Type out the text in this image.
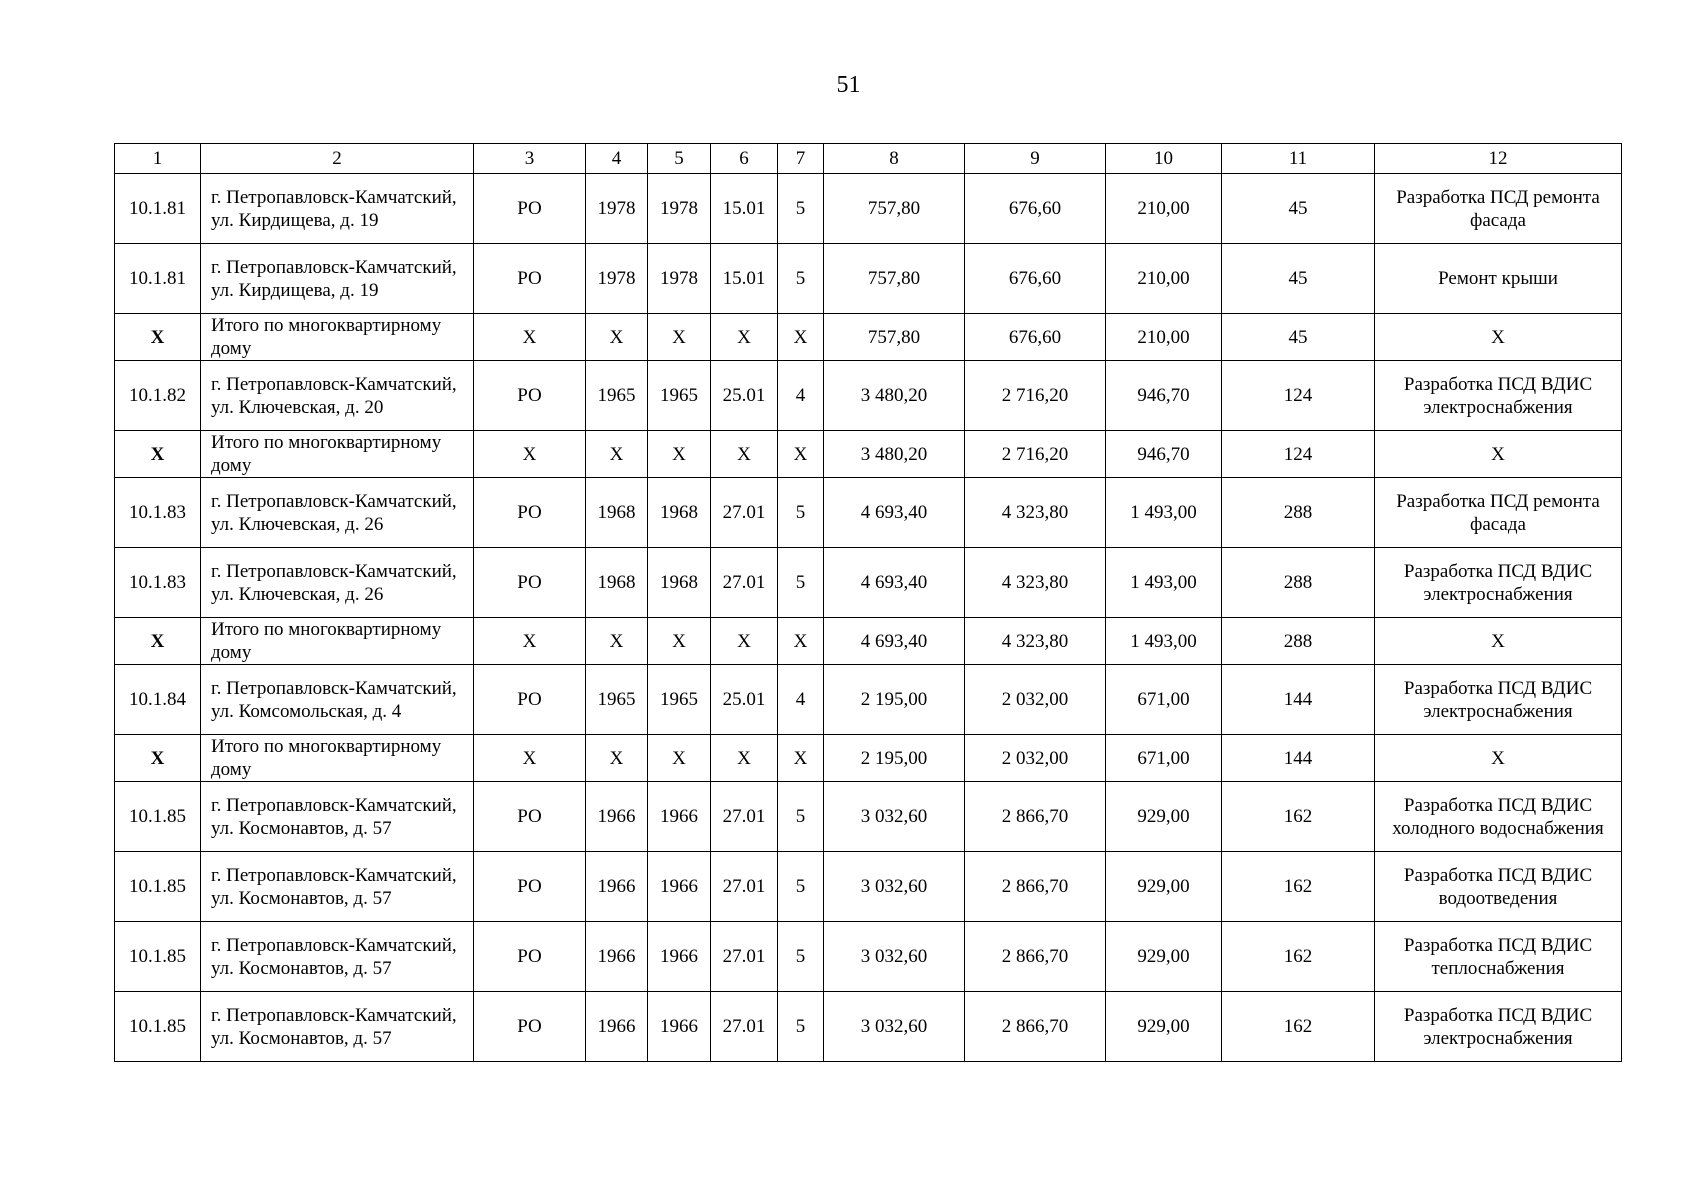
51
1	2	3	4	5	6	7	8	9	10	11	12
10.1.81	г. Петропавловск-Камчатский, ул. Кирдищева, д. 19	РО	1978	1978	15.01	5	757,80	676,60	210,00	45	Разработка ПСД ремонта фасада
10.1.81	г. Петропавловск-Камчатский, ул. Кирдищева, д. 19	РО	1978	1978	15.01	5	757,80	676,60	210,00	45	Ремонт крыши
Х	Итого по многоквартирному дому	Х	Х	Х	Х	Х	757,80	676,60	210,00	45	Х
10.1.82	г. Петропавловск-Камчатский, ул. Ключевская, д. 20	РО	1965	1965	25.01	4	3 480,20	2 716,20	946,70	124	Разработка ПСД ВДИС электроснабжения
Х	Итого по многоквартирному дому	Х	Х	Х	Х	Х	3 480,20	2 716,20	946,70	124	Х
10.1.83	г. Петропавловск-Камчатский, ул. Ключевская, д. 26	РО	1968	1968	27.01	5	4 693,40	4 323,80	1 493,00	288	Разработка ПСД ремонта фасада
10.1.83	г. Петропавловск-Камчатский, ул. Ключевская, д. 26	РО	1968	1968	27.01	5	4 693,40	4 323,80	1 493,00	288	Разработка ПСД ВДИС электроснабжения
Х	Итого по многоквартирному дому	Х	Х	Х	Х	Х	4 693,40	4 323,80	1 493,00	288	Х
10.1.84	г. Петропавловск-Камчатский, ул. Комсомольская, д. 4	РО	1965	1965	25.01	4	2 195,00	2 032,00	671,00	144	Разработка ПСД ВДИС электроснабжения
Х	Итого по многоквартирному дому	Х	Х	Х	Х	Х	2 195,00	2 032,00	671,00	144	Х
10.1.85	г. Петропавловск-Камчатский, ул. Космонавтов, д. 57	РО	1966	1966	27.01	5	3 032,60	2 866,70	929,00	162	Разработка ПСД ВДИС холодного водоснабжения
10.1.85	г. Петропавловск-Камчатский, ул. Космонавтов, д. 57	РО	1966	1966	27.01	5	3 032,60	2 866,70	929,00	162	Разработка ПСД ВДИС водоотведения
10.1.85	г. Петропавловск-Камчатский, ул. Космонавтов, д. 57	РО	1966	1966	27.01	5	3 032,60	2 866,70	929,00	162	Разработка ПСД ВДИС теплоснабжения
10.1.85	г. Петропавловск-Камчатский, ул. Космонавтов, д. 57	РО	1966	1966	27.01	5	3 032,60	2 866,70	929,00	162	Разработка ПСД ВДИС электроснабжения
